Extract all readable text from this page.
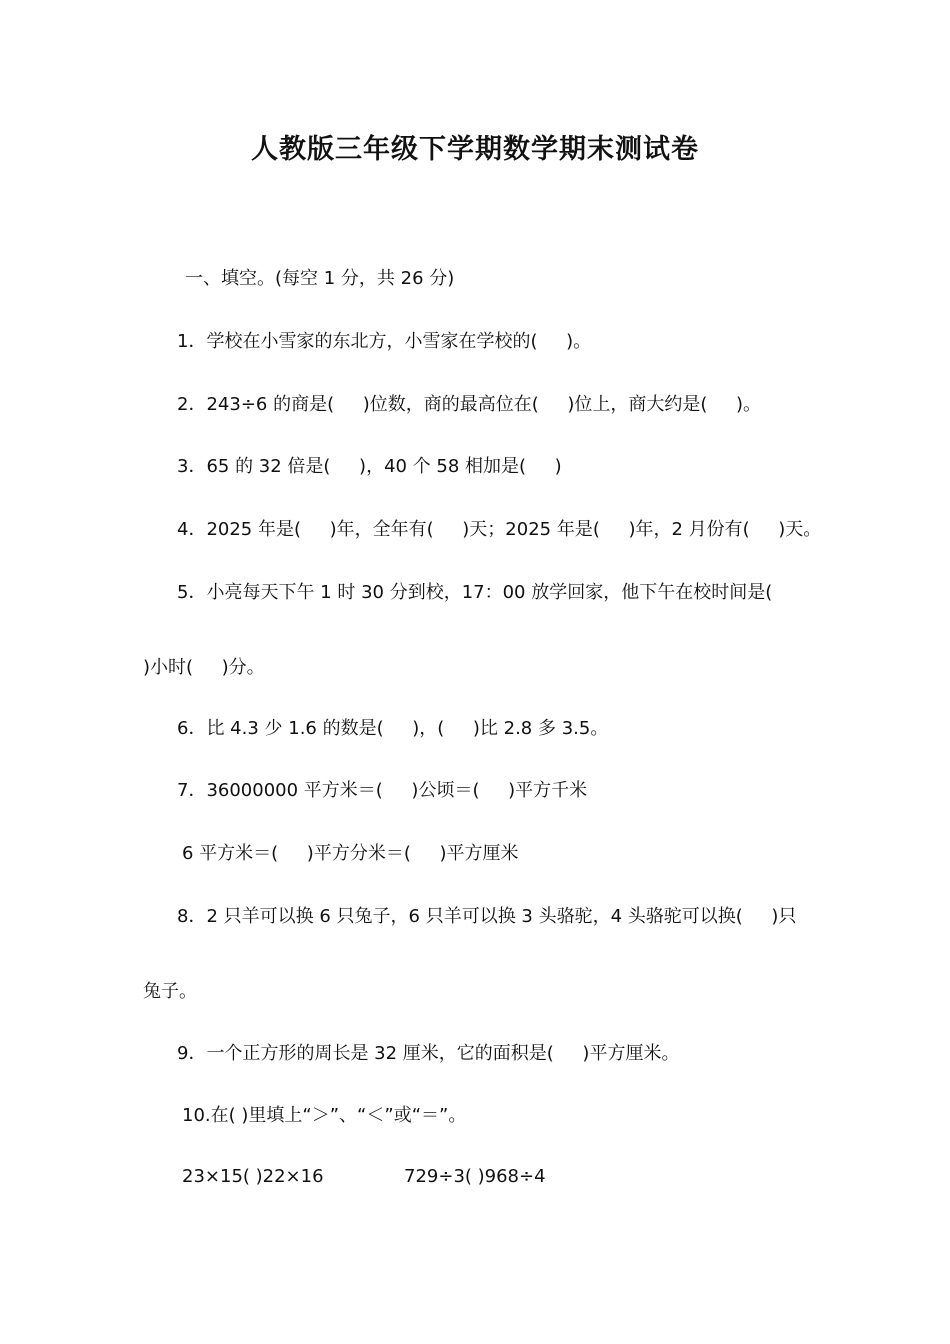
人教版三年级下学期数学期末测试卷

一、填空。(每空 1 分，共 26 分)

1．学校在小雪家的东北方，小雪家在学校的(     )。

2．243÷6 的商是(     )位数，商的最高位在(     )位上，商大约是(     )。

3．65 的 32 倍是(     )，40 个 58 相加是(     )

4．2025 年是(     )年，全年有(     )天；2025 年是(     )年，2 月份有(     )天。

5．小亮每天下午 1 时 30 分到校，17：00 放学回家，他下午在校时间是(

)小时(     )分。

6．比 4.3 少 1.6 的数是(     )，(     )比 2.8 多 3.5。

7．36000000 平方米＝(     )公顷＝(     )平方千米

6 平方米＝(     )平方分米＝(     )平方厘米

8．2 只羊可以换 6 只兔子，6 只羊可以换 3 头骆驼，4 头骆驼可以换(     )只

兔子。

9．一个正方形的周长是 32 厘米，它的面积是(     )平方厘米。

10.在( )里填上“＞”、“＜”或“＝”。

23×15( )22×16	729÷3( )968÷4
